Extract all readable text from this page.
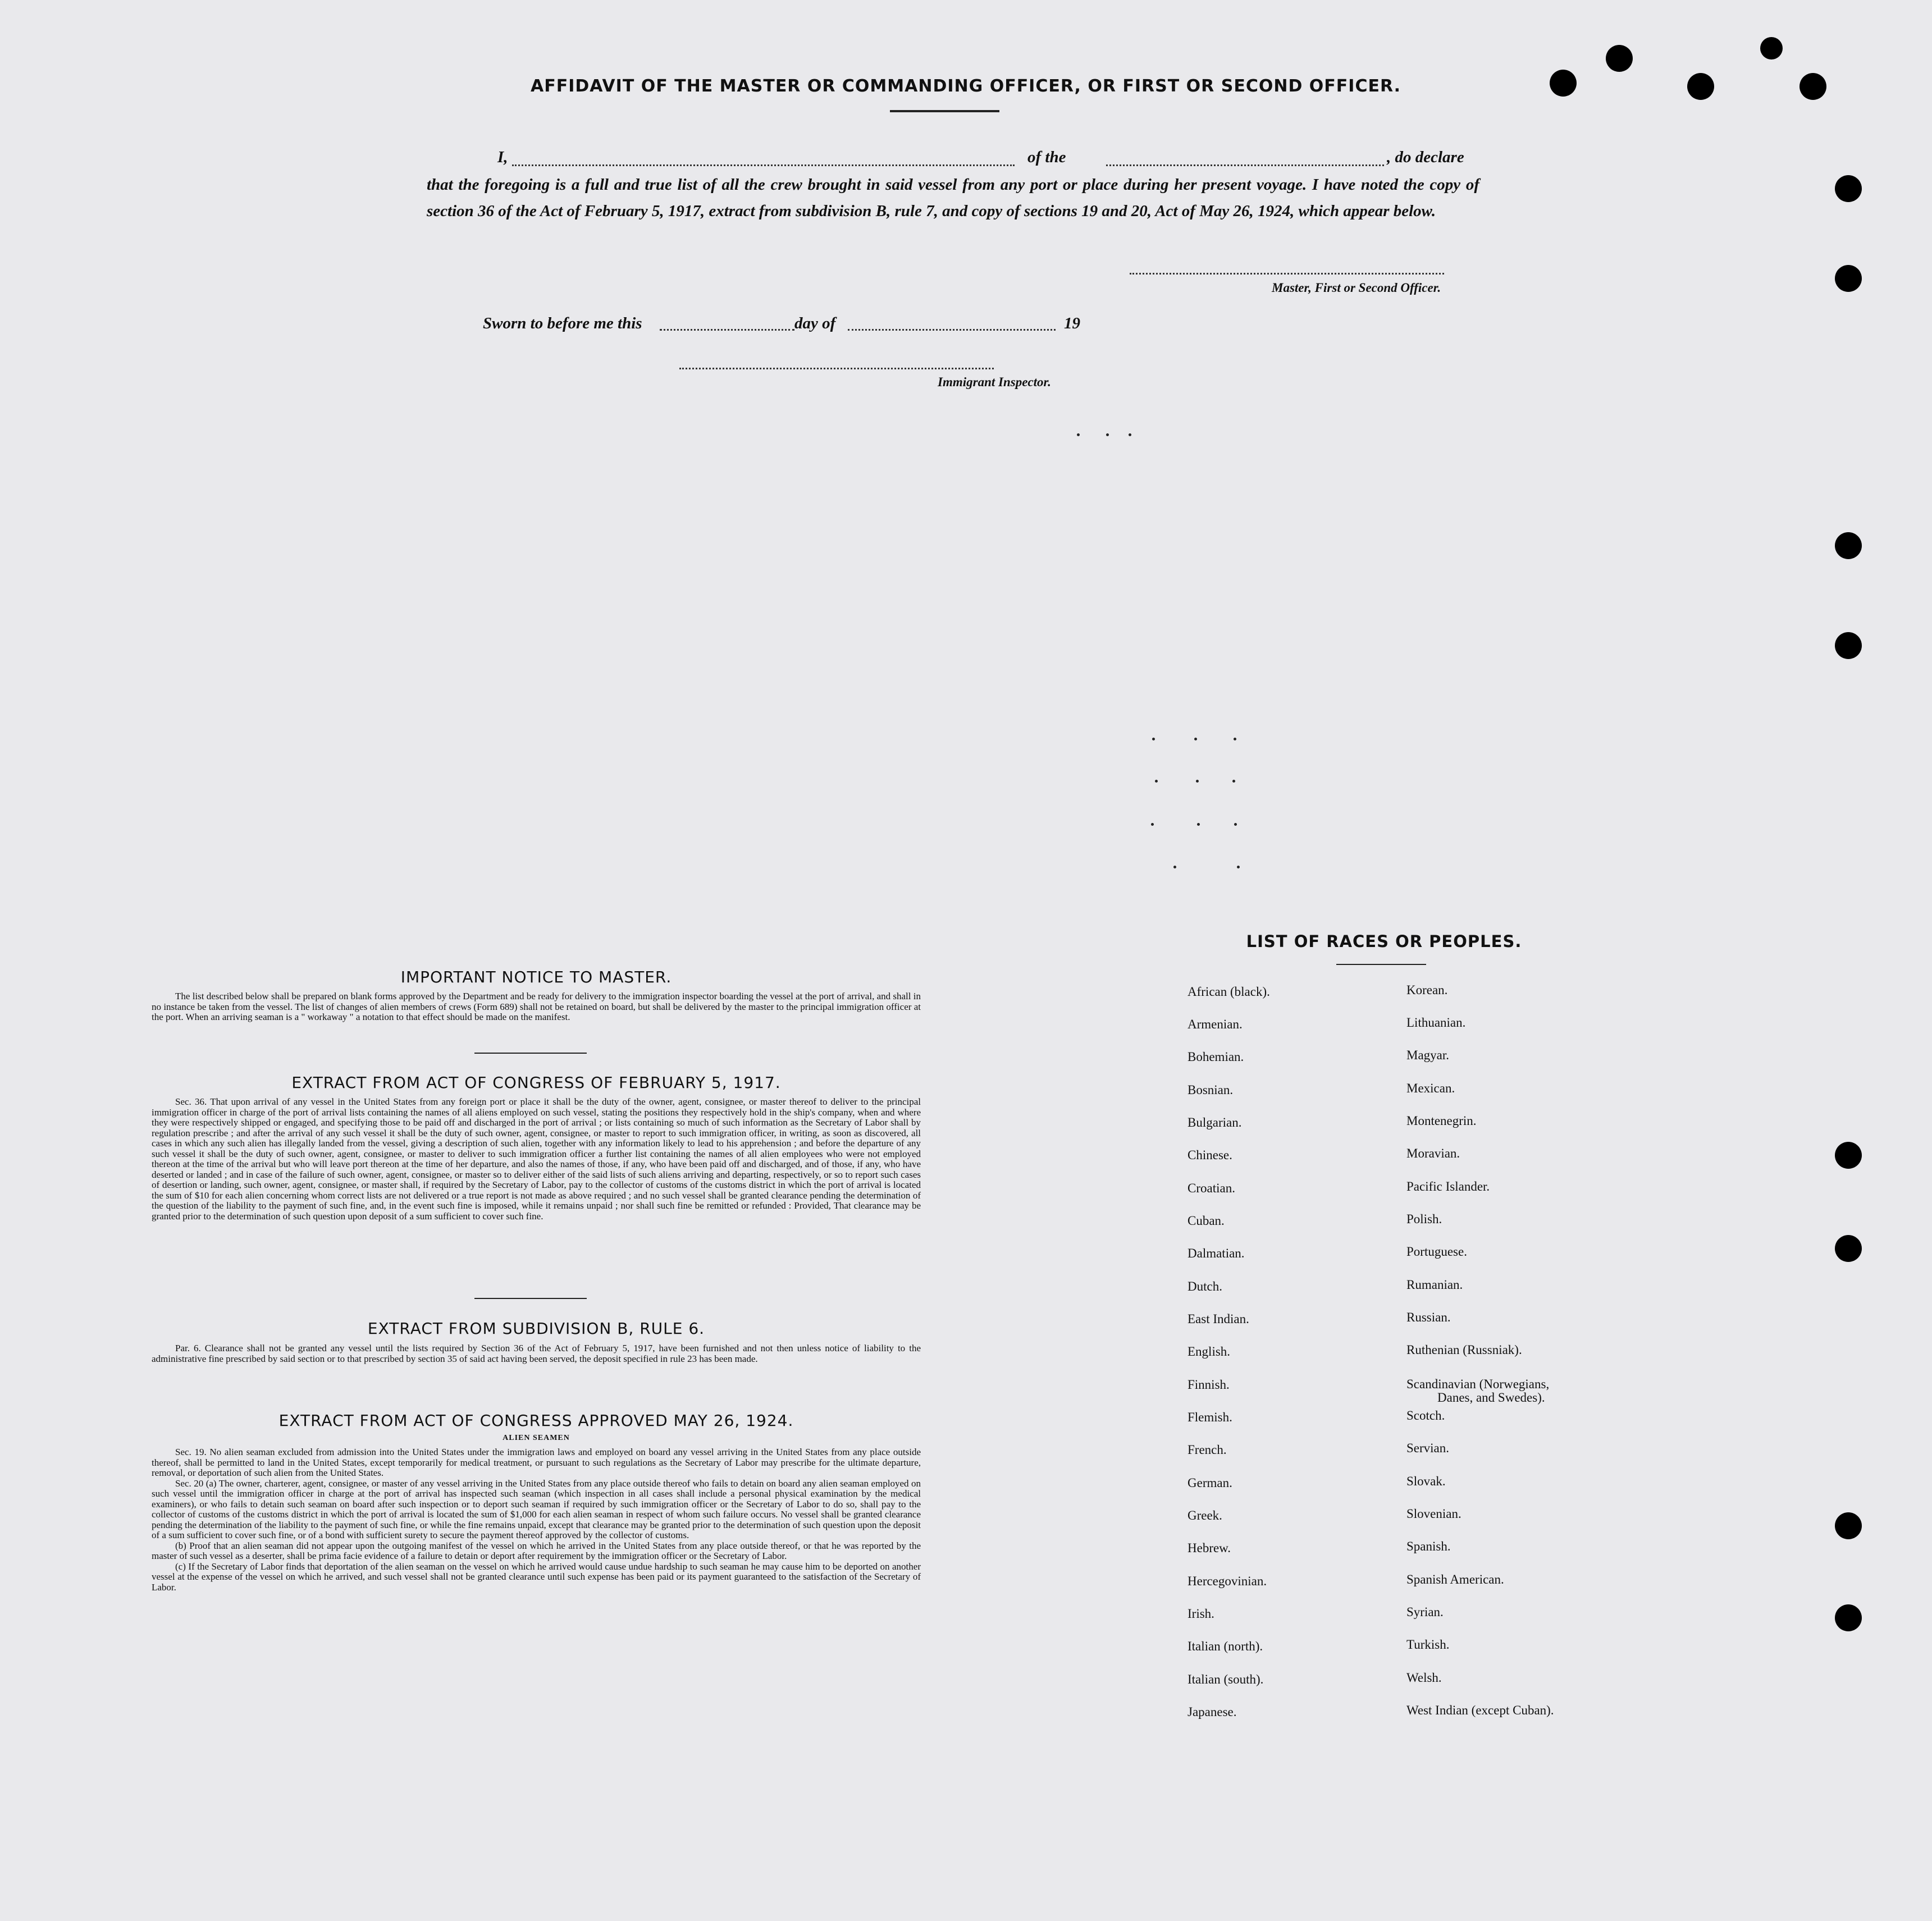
AFFIDAVIT OF THE MASTER OR COMMANDING OFFICER, OR FIRST OR SECOND OFFICER.
I,	of the	, do declare
that the foregoing is a full and true list of all the crew brought in said vessel from any port or place during her present voyage. I have noted the copy of section 36 of the Act of February 5, 1917, extract from subdivision B, rule 7, and copy of sections 19 and 20, Act of May 26, 1924, which appear below.
Master, First or Second Officer.
Sworn to before me this	day of	19
Immigrant Inspector.
IMPORTANT NOTICE TO MASTER.

The list described below shall be prepared on blank forms approved by the Department and be ready for delivery to the immigration inspector boarding the vessel at the port of arrival, and shall in no instance be taken from the vessel. The list of changes of alien members of crews (Form 689) shall not be retained on board, but shall be delivered by the master to the principal immigration officer at the port. When an arriving seaman is a " workaway " a notation to that effect should be made on the manifest.

EXTRACT FROM ACT OF CONGRESS OF FEBRUARY 5, 1917.

Sec. 36. That upon arrival of any vessel in the United States from any foreign port or place it shall be the duty of the owner, agent, consignee, or master thereof to deliver to the principal immigration officer in charge of the port of arrival lists containing the names of all aliens employed on such vessel, stating the positions they respectively hold in the ship's company, when and where they were respectively shipped or engaged, and specifying those to be paid off and discharged in the port of arrival ; or lists containing so much of such information as the Secretary of Labor shall by regulation prescribe ; and after the arrival of any such vessel it shall be the duty of such owner, agent, consignee, or master to report to such immigration officer, in writing, as soon as discovered, all cases in which any such alien has illegally landed from the vessel, giving a description of such alien, together with any information likely to lead to his apprehension ; and before the departure of any such vessel it shall be the duty of such owner, agent, consignee, or master to deliver to such immigration officer a further list containing the names of all alien employees who were not employed thereon at the time of the arrival but who will leave port thereon at the time of her departure, and also the names of those, if any, who have been paid off and discharged, and of those, if any, who have deserted or landed ; and in case of the failure of such owner, agent, consignee, or master so to deliver either of the said lists of such aliens arriving and departing, respectively, or so to report such cases of desertion or landing, such owner, agent, consignee, or master shall, if required by the Secretary of Labor, pay to the collector of customs of the customs district in which the port of arrival is located the sum of $10 for each alien concerning whom correct lists are not delivered or a true report is not made as above required ; and no such vessel shall be granted clearance pending the determination of the question of the liability to the payment of such fine, and, in the event such fine is imposed, while it remains unpaid ; nor shall such fine be remitted or refunded : Provided, That clearance may be granted prior to the determination of such question upon deposit of a sum sufficient to cover such fine.

EXTRACT FROM SUBDIVISION B, RULE 6.

Par. 6. Clearance shall not be granted any vessel until the lists required by Section 36 of the Act of February 5, 1917, have been furnished and not then unless notice of liability to the administrative fine prescribed by said section or to that prescribed by section 35 of said act having been served, the deposit specified in rule 23 has been made.

EXTRACT FROM ACT OF CONGRESS APPROVED MAY 26, 1924.
ALIEN SEAMEN

Sec. 19. No alien seaman excluded from admission into the United States under the immigration laws and employed on board any vessel arriving in the United States from any place outside thereof, shall be permitted to land in the United States, except temporarily for medical treatment, or pursuant to such regulations as the Secretary of Labor may prescribe for the ultimate departure, removal, or deportation of such alien from the United States.

Sec. 20 (a) The owner, charterer, agent, consignee, or master of any vessel arriving in the United States from any place outside thereof who fails to detain on board any alien seaman employed on such vessel until the immigration officer in charge at the port of arrival has inspected such seaman (which inspection in all cases shall include a personal physical examination by the medical examiners), or who fails to detain such seaman on board after such inspection or to deport such seaman if required by such immigration officer or the Secretary of Labor to do so, shall pay to the collector of customs of the customs district in which the port of arrival is located the sum of $1,000 for each alien seaman in respect of whom such failure occurs. No vessel shall be granted clearance pending the determination of the liability to the payment of such fine, or while the fine remains unpaid, except that clearance may be granted prior to the determination of such question upon the deposit of a sum sufficient to cover such fine, or of a bond with sufficient surety to secure the payment thereof approved by the collector of customs.

(b) Proof that an alien seaman did not appear upon the outgoing manifest of the vessel on which he arrived in the United States from any place outside thereof, or that he was reported by the master of such vessel as a deserter, shall be prima facie evidence of a failure to detain or deport after requirement by the immigration officer or the Secretary of Labor.

(c) If the Secretary of Labor finds that deportation of the alien seaman on the vessel on which he arrived would cause undue hardship to such seaman he may cause him to be deported on another vessel at the expense of the vessel on which he arrived, and such vessel shall not be granted clearance until such expense has been paid or its payment guaranteed to the satisfaction of the Secretary of Labor.

LIST OF RACES OR PEOPLES.
African (black).
Armenian.
Bohemian.
Bosnian.
Bulgarian.
Chinese.
Croatian.
Cuban.
Dalmatian.
Dutch.
East Indian.
English.
Finnish.
Flemish.
French.
German.
Greek.
Hebrew.
Hercegovinian.
Irish.
Italian (north).
Italian (south).
Japanese.
Korean.
Lithuanian.
Magyar.
Mexican.
Montenegrin.
Moravian.
Pacific Islander.
Polish.
Portuguese.
Rumanian.
Russian.
Ruthenian (Russniak).
Scandinavian (Norwegians,
Danes, and Swedes).
Scotch.
Servian.
Slovak.
Slovenian.
Spanish.
Spanish American.
Syrian.
Turkish.
Welsh.
West Indian (except Cuban).
